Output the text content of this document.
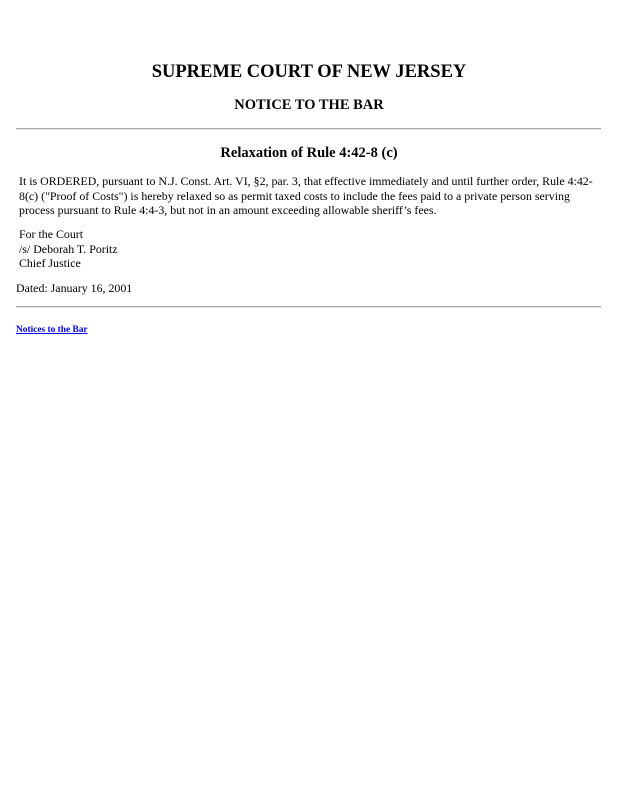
SUPREME COURT OF NEW JERSEY
NOTICE TO THE BAR
Relaxation of Rule 4:42-8 (c)

It is ORDERED, pursuant to N.J. Const. Art. VI, §2, par. 3, that effective immediately and until further order, Rule 4:42-8(c) ("Proof of Costs") is hereby relaxed so as permit taxed costs to include the fees paid to a private person serving process pursuant to Rule 4:4-3, but not in an amount exceeding allowable sheriff’s fees.

For the Court
/s/ Deborah T. Poritz
Chief Justice

Dated: January 16, 2001

Notices to the Bar
